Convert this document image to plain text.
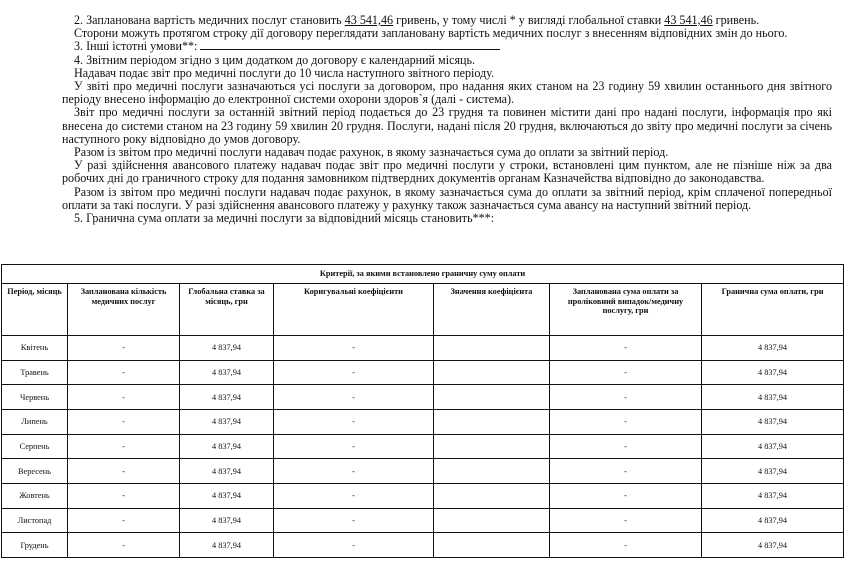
2. Запланована вартість медичних послуг становить 43 541,46 гривень, у тому числі * у вигляді глобальної ставки 43 541,46 гривень.

Сторони можуть протягом строку дії договору переглядати заплановану вартість медичних послуг з внесенням відповідних змін до нього.

3. Інші істотні умови**:

4. Звітним періодом згідно з цим додатком до договору є календарний місяць.

Надавач подає звіт про медичні послуги до 10 числа наступного звітного періоду.

У звіті про медичні послуги зазначаються усі послуги за договором, про надання яких станом на 23 годину 59 хвилин останнього дня звітного періоду внесено інформацію до електронної системи охорони здоров`я (далі - система).

Звіт про медичні послуги за останній звітний період подається до 23 грудня та повинен містити дані про надані послуги, інформація про які внесена до системи станом на 23 годину 59 хвилин 20 грудня. Послуги, надані після 20 грудня, включаються до звіту про медичні послуги за січень наступного року відповідно до умов договору.

Разом із звітом про медичні послуги надавач подає рахунок, в якому зазначається сума до оплати за звітний період.

У разі здійснення авансового платежу надавач подає звіт про медичні послуги у строки, встановлені цим пунктом, але не пізніше ніж за два робочих дні до граничного строку для подання замовником підтвердних документів органам Казначейства відповідно до законодавства.

Разом із звітом про медичні послуги надавач подає рахунок, в якому зазначається сума до оплати за звітний період, крім сплаченої попередньої оплати за такі послуги. У разі здійснення авансового платежу у рахунку також зазначається сума авансу на наступний звітний період.

5. Гранична сума оплати за медичні послуги за відповідний місяць становить***:

Критерії, за якими встановлено граничну суму оплати						
Період, місяць	Запланована кількість медичних послуг	Глобальна ставка за місяць, грн	Коригувальні коефіцієнти	Значення коефіцієнта	Запланована сума оплати за проліковний випадок/медичну послугу, грн	Гранична сума оплати, грн
Квітень	-	4 837,94	-		-	4 837,94
Травень	-	4 837,94	-		-	4 837,94
Червень	-	4 837,94	-		-	4 837,94
Липень	-	4 837,94	-		-	4 837,94
Серпень	-	4 837,94	-		-	4 837,94
Вересень	-	4 837,94	-		-	4 837,94
Жовтень	-	4 837,94	-		-	4 837,94
Листопад	-	4 837,94	-		-	4 837,94
Грудень	-	4 837,94	-		-	4 837,94
